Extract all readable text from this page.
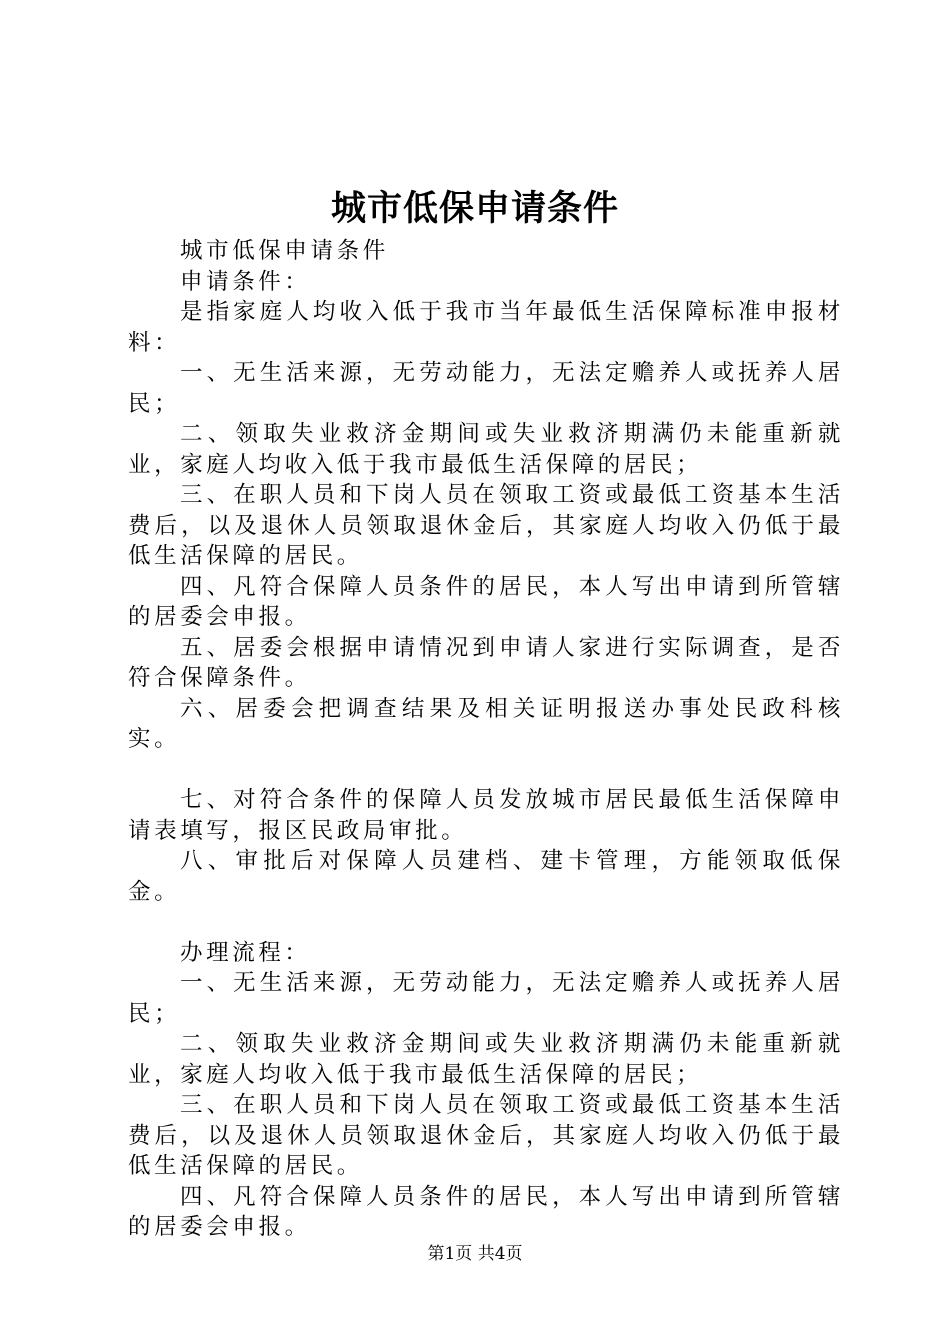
城市低保申请条件

城市低保申请条件

申请条件：

是指家庭人均收入低于我市当年最低生活保障标准申报材料：

一、无生活来源，无劳动能力，无法定赡养人或抚养人居民；

二、领取失业救济金期间或失业救济期满仍未能重新就业，家庭人均收入低于我市最低生活保障的居民；

三、在职人员和下岗人员在领取工资或最低工资基本生活费后，以及退休人员领取退休金后，其家庭人均收入仍低于最低生活保障的居民。

四、凡符合保障人员条件的居民，本人写出申请到所管辖的居委会申报。

五、居委会根据申请情况到申请人家进行实际调查，是否符合保障条件。

六、居委会把调查结果及相关证明报送办事处民政科核实。

七、对符合条件的保障人员发放城市居民最低生活保障申请表填写，报区民政局审批。

八、审批后对保障人员建档、建卡管理，方能领取低保金。

办理流程：

一、无生活来源，无劳动能力，无法定赡养人或抚养人居民；

二、领取失业救济金期间或失业救济期满仍未能重新就业，家庭人均收入低于我市最低生活保障的居民；

三、在职人员和下岗人员在领取工资或最低工资基本生活费后，以及退休人员领取退休金后，其家庭人均收入仍低于最低生活保障的居民。

四、凡符合保障人员条件的居民，本人写出申请到所管辖的居委会申报。

第1页 共4页
